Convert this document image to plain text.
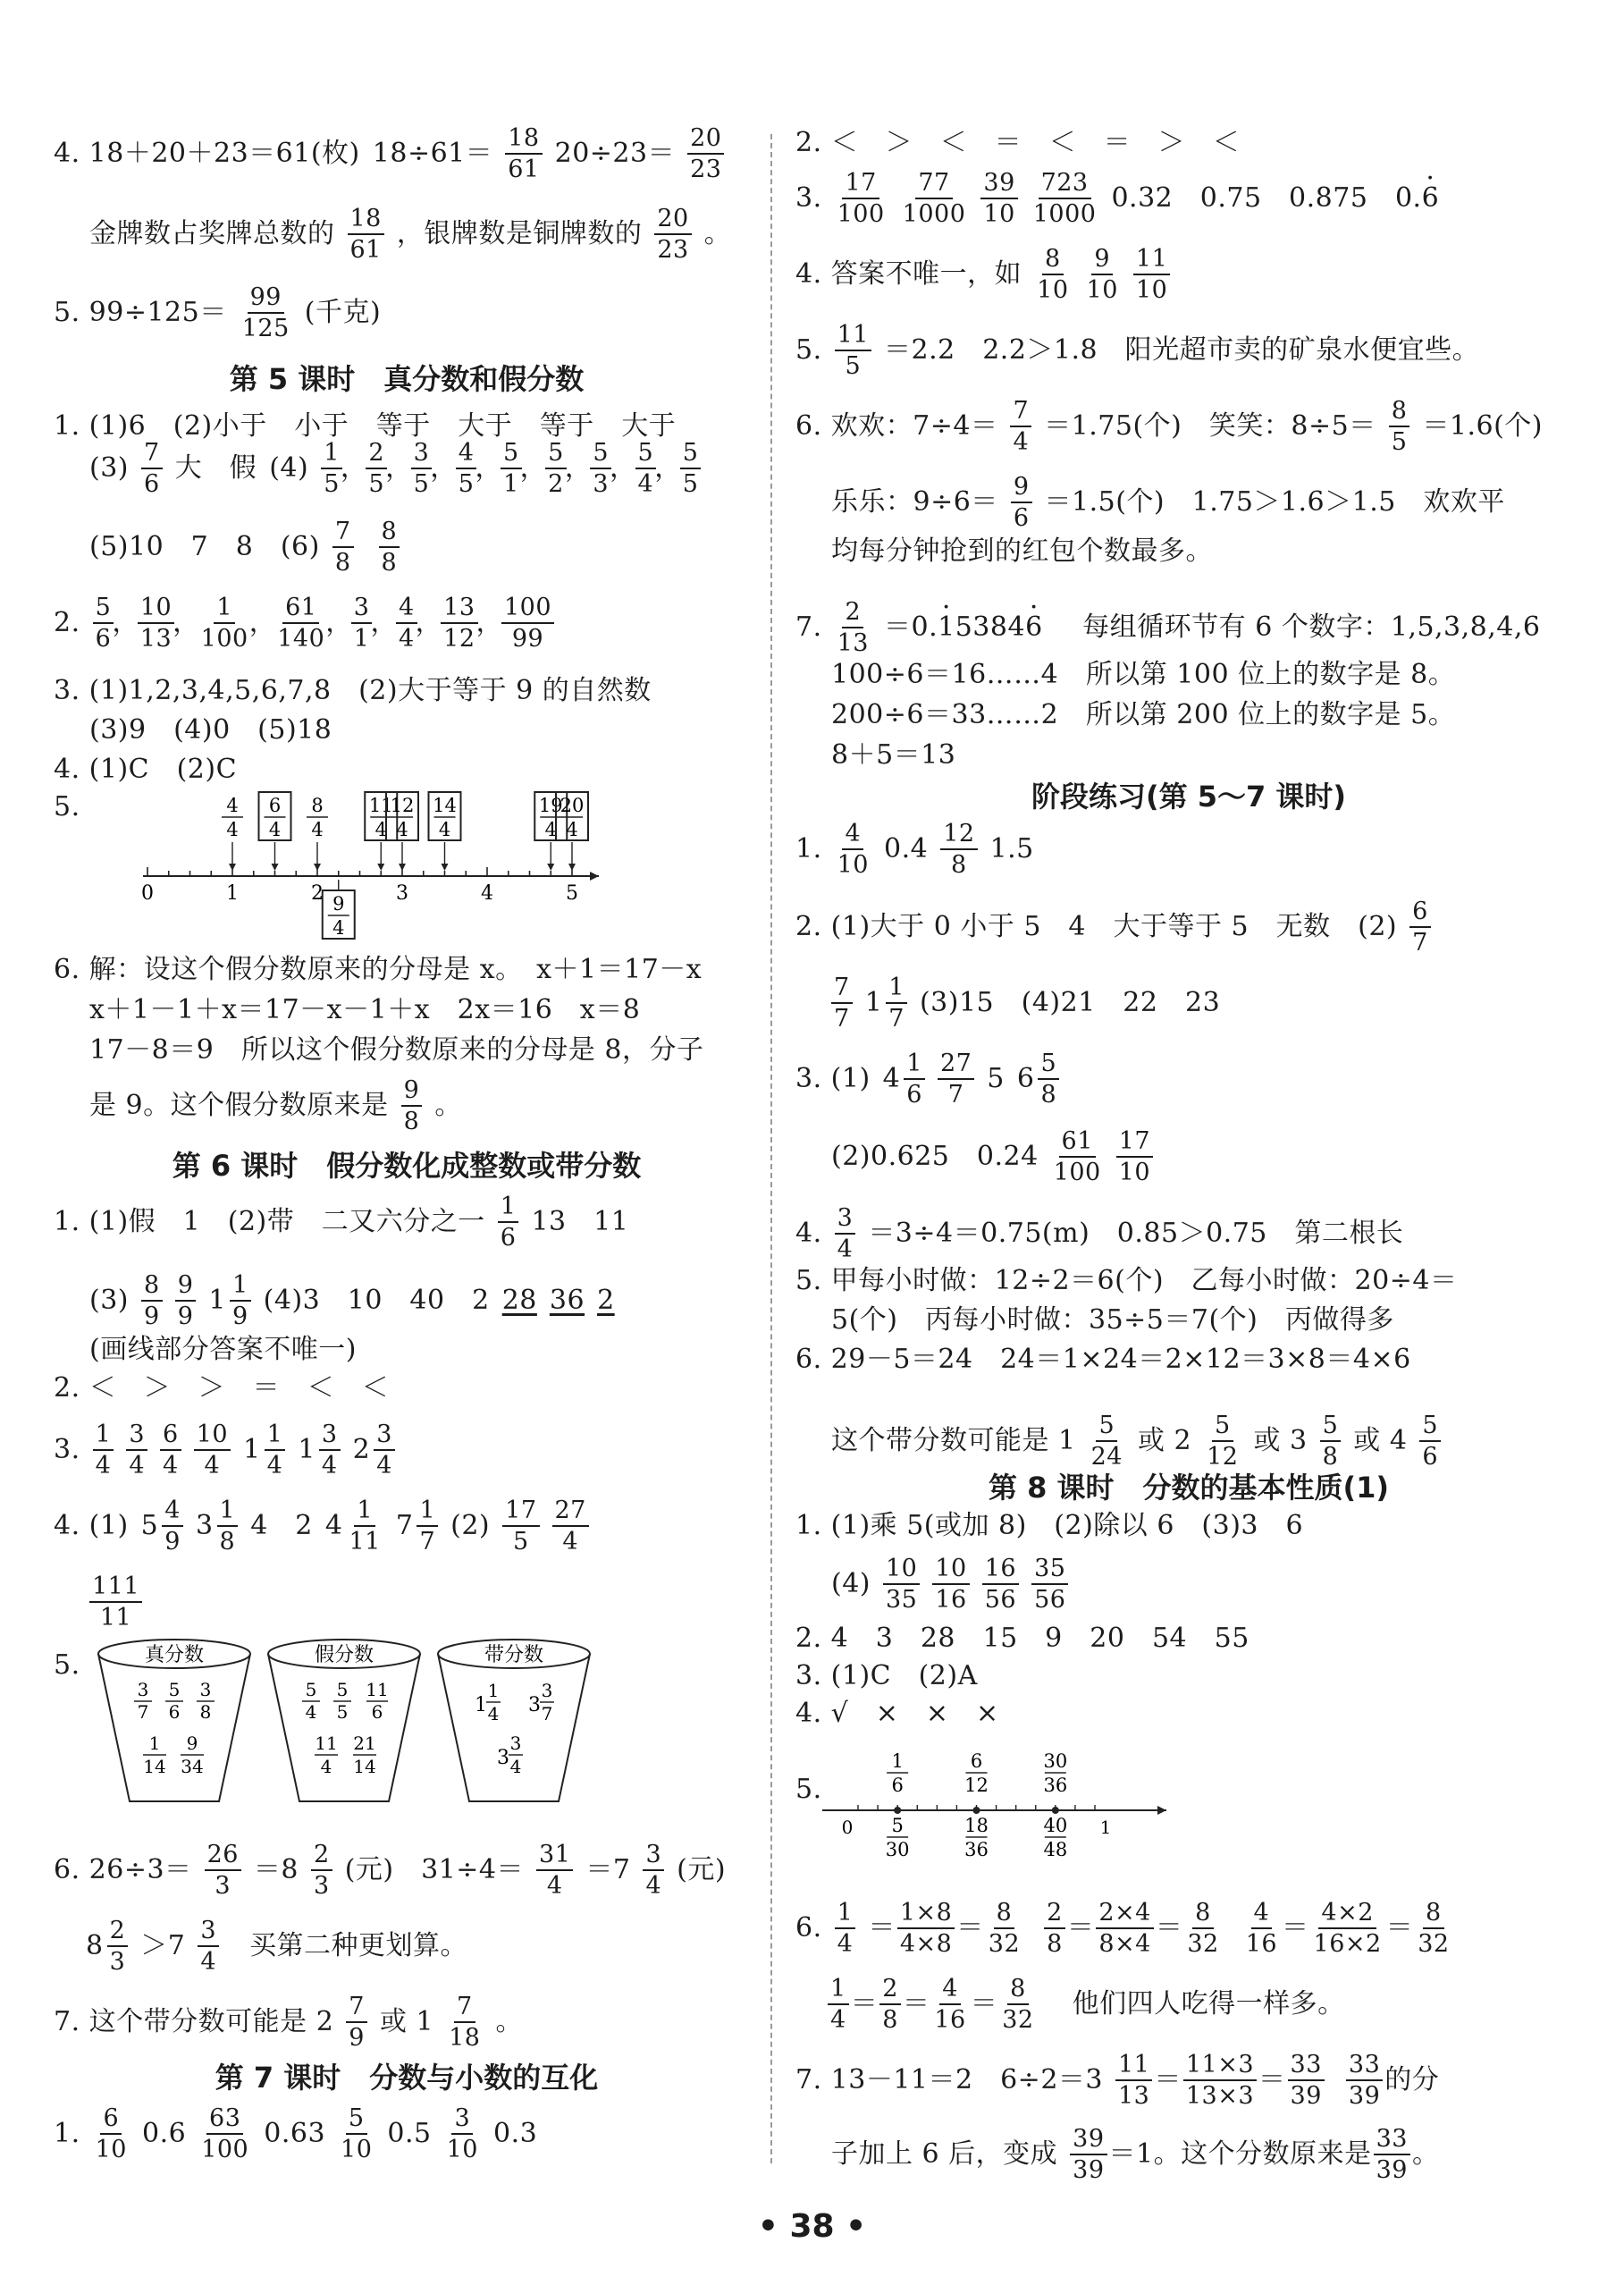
4. 18＋20＋23＝61(枚) $18\div 61= \frac{18}{61} 20\div 23= \frac{20}{23}$
金牌数占奖牌总数的 $\frac{18}{61}$ ，银牌数是铜牌数的 $\frac{20}{23}$ 。
5. $99\div 125= \frac{99}{125}$ (千克)
第 5 课时　真分数和假分数
1. (1)6　(2)小于　小于　等于　大于　等于　大于
$(3) \frac{7}{6}$ 大　假 $(4) \frac{1}{5}$
，
$\frac{2}{5}$
，
$\frac{3}{5}$
，
$\frac{4}{5}$
，
$\frac{5}{1}$
，
$\frac{5}{2}$
，
$\frac{5}{3}$
，
$\frac{5}{4}$
，
$\frac{5}{5}$
(5)10　7　8　$(6) \frac{7}{8} \frac{8}{8}$
2. $\frac{5}{6}$
，
$\frac{10}{13}$
，
$\frac{1}{100}$
，
$\frac{61}{140}$
，
$\frac{3}{1}$
，
$\frac{4}{4}$
，
$\frac{13}{12}$
，
$\frac{100}{99}$
3. (1)1,2,3,4,5,6,7,8　(2)大于等于 9 的自然数
(3)9　(4)0　(5)18
4. (1)C　(2)C
5.
0	1	2	3	4	5
4
4
6
4
8
4
11
4
12
4
14
4
19
4
20
4
9
4
6. 解：设这个假分数原来的分母是 x。　x＋1＝17－x
x＋1－1＋x＝17－x－1＋x　2x＝16　x＝8
17－8＝9　所以这个假分数原来的分母是 8，分子
是 9。这个假分数原来是 $\frac{9}{8}$ 。
第 6 课时　假分数化成整数或带分数
1. (1)假　1　(2)带　二又六分之一 $\frac{1}{6} 13$　11
$(3) \frac{8}{9} \frac{9}{9} 1 \frac{1}{9} (4)3$　10　40　2 28 36 2
(画线部分答案不唯一)
2. ＜　＞　＞　＝　＜　＜
3. $\frac{1}{4} \frac{3}{4} \frac{6}{4} \frac{10}{4} 1 \frac{1}{4} 1 \frac{3}{4} 2 \frac{3}{4}$
4. (1) $5 \frac{4}{9} 3 \frac{1}{8} 4$　2 $4 \frac{1}{11} 7 \frac{1}{7} (2) \frac{17}{5} \frac{27}{4}$
$\frac{111}{11}$
5.	真分数
3
7
5
6
3
8
1
14
9
34
假分数
5
4
5
5
11
6
11
4
21
14
带分数
1
1
4 3
3
7
3
3
4
6. $26\div 3= \frac{26}{3} =8 \frac{2}{3}$ (元)　$31\div 4= \frac{31}{4} =7 \frac{3}{4}$ (元)
$8 \frac{2}{3} >7 \frac{3}{4}$ 买第二种更划算。
7. 这个带分数可能是 $2 \frac{7}{9}$ 或 $1 \frac{7}{18}$ 。
第 7 课时　分数与小数的互化
1. $\frac{6}{10} 0.6 \frac{63}{100} 0.63 \frac{5}{10} 0.5 \frac{3}{10} 0.3$
2. ＜　＞　＜　＝　＜　＝　＞　＜
3. $\frac{17}{100} \frac{77}{1000} \frac{39}{10} \frac{723}{1000} 0.32$　0.75　0.875　0.· 6
4. 答案不唯一，如 $\frac{8}{10} \frac{9}{10} \frac{11}{10}$
5. $\frac{11}{5} =2.2$　2.2＞1.8　阳光超市卖的矿泉水便宜些。
6. 欢欢：$7\div 4= \frac{7}{4} =1.75$(个)　笑笑：$8\div 5= \frac{8}{5} =1.6$(个)
乐乐：$9\div 6= \frac{9}{6} =1.5$(个)　1.75＞1.6＞1.5　欢欢平
均每分钟抢到的红包个数最多。
7. $\frac{2}{13} =0.\cdot 15384\cdot 6$ 　每组循环节有 6 个数字：1,5,3,8,4,6
100÷6＝16……4　所以第 100 位上的数字是 8。
200÷6＝33……2　所以第 200 位上的数字是 5。
8＋5＝13
阶段练习(第 5～7 课时)
1. $\frac{4}{10} 0.4 \frac{12}{8} 1.5$
2. (1)大于 0 小于 5　4　大于等于 5　无数　$(2) \frac{6}{7}$
$\frac{7}{7} 1 \frac{1}{7} (3)15$　(4)21　22　23
3. (1) $4 \frac{1}{6} \frac{27}{7} 5$ $6 \frac{5}{8}$
(2)0.625　$0.24 \frac{61}{100} \frac{17}{10}$
4. $\frac{3}{4} =3\div 4=0.75(m)$　0.85＞0.75　第二根长
5. 甲每小时做：12÷2＝6(个)　乙每小时做：20÷4＝
5(个)　丙每小时做：35÷5＝7(个)　丙做得多
6. 29－5＝24　24＝1×24＝2×12＝3×8＝4×6
这个带分数可能是 $1 \frac{5}{24}$ 或 $2 \frac{5}{12}$ 或 $3 \frac{5}{8}$ 或 $4 \frac{5}{6}$
第 8 课时　分数的基本性质(1)
1. (1)乘 5(或加 8)　(2)除以 6　(3)3　6
$(4) \frac{10}{35} \frac{10}{16} \frac{16}{56} \frac{35}{56}$
2. 4　3　28　15　9　20　54　55
3. (1)C　(2)A
4. √　×　×　×
5.
0	1
1
6
6
12
30
36
5
30
18
36
40
48
6. $\frac{1}{4} = \frac{1\times 8}{4\times 8} = \frac{8}{32} \frac{2}{8} = \frac{2\times 4}{8\times 4} = \frac{8}{32} \frac{4}{16} = \frac{4\times 2}{16\times 2} = \frac{8}{32}$
$\frac{1}{4} = \frac{2}{8} = \frac{4}{16} = \frac{8}{32}$ 他们四人吃得一样多。
7. 13－11＝2　$6\div 2=3 \frac{11}{13} = \frac{11\times 3}{13\times 3} = \frac{33}{39} \frac{33}{39}$ 的分
子加上 6 后，变成 $\frac{39}{39} =1$。这个分数原来是 $\frac{33}{39}$ 。
• 38 •
